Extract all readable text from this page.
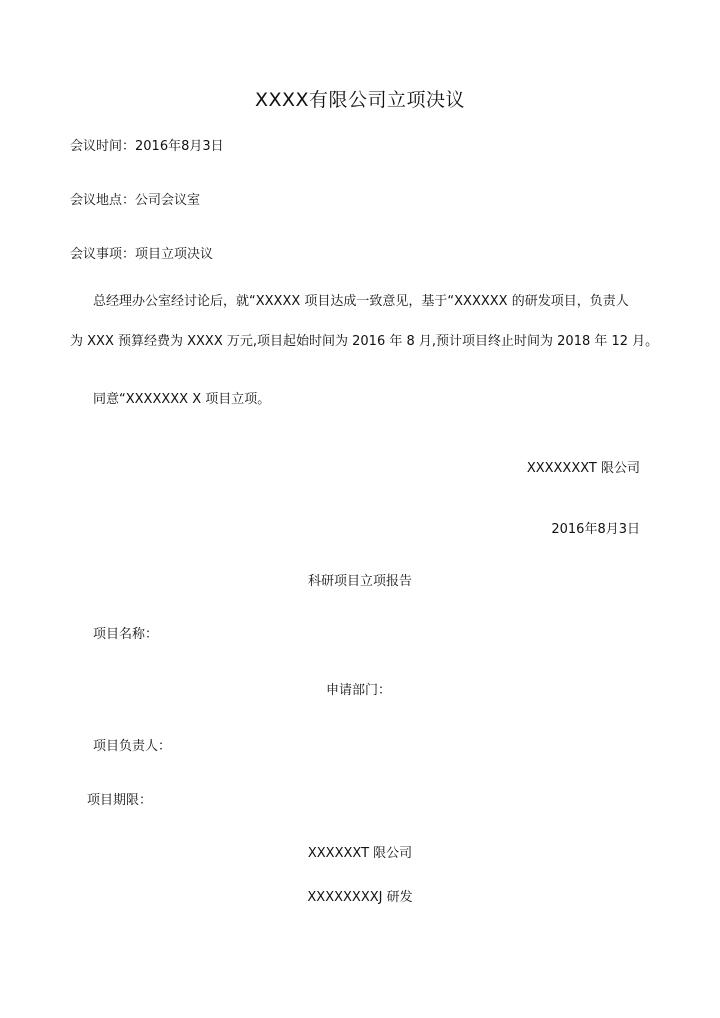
XXXX有限公司立项决议
会议时间：2016年8月3日
会议地点：公司会议室
会议事项：项目立项决议
总经理办公室经讨论后，就“XXXXX 项目达成一致意见，基于“XXXXXX 的研发项目，负责人
为 XXX 预算经费为 XXXX 万元,项目起始时间为 2016 年 8 月,预计项目终止时间为 2018 年 12 月。
同意“XXXXXXX X 项目立项。
XXXXXXXT 限公司
2016年8月3日
科研项目立项报告
项目名称：
申请部门：
项目负责人：
项目期限：
XXXXXXT 限公司
XXXXXXXXJ 研发
